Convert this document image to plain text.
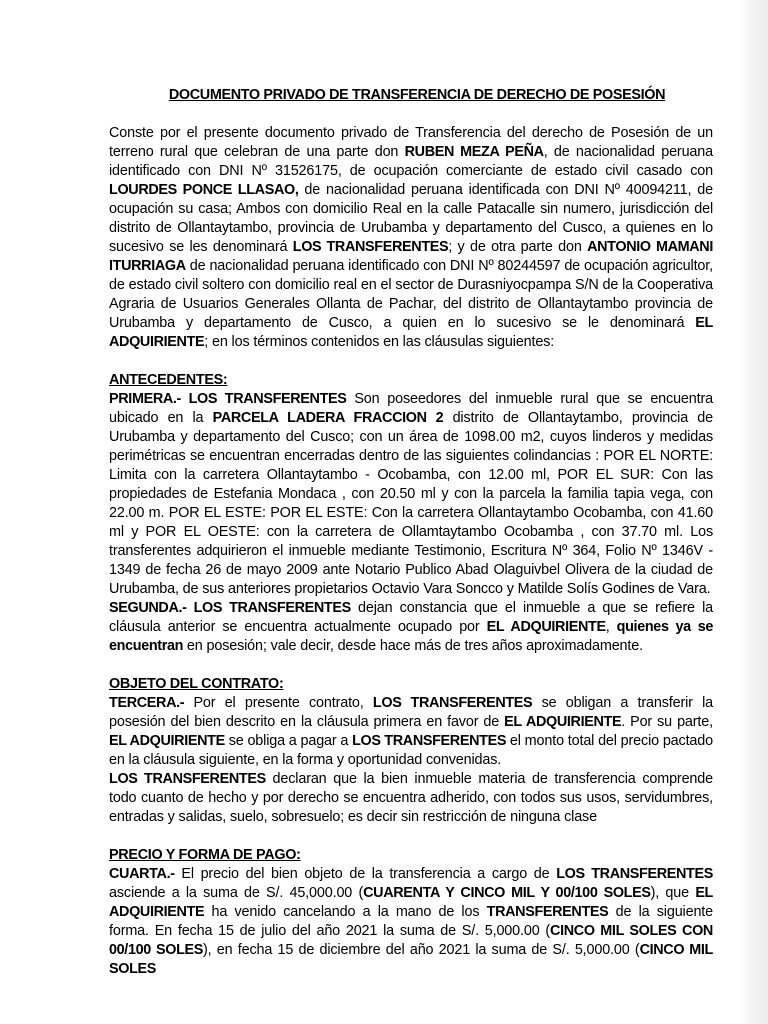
DOCUMENTO PRIVADO DE TRANSFERENCIA DE DERECHO DE POSESIÓN

Conste por el presente documento privado de Transferencia del derecho de Posesión de un terreno rural que celebran de una parte don RUBEN MEZA PEÑA, de nacionalidad peruana identificado con DNI Nº 31526175, de ocupación comerciante de estado civil casado con LOURDES PONCE LLASAO, de nacionalidad peruana identificada con DNI Nº 40094211, de ocupación su casa; Ambos con domicilio Real en la calle Patacalle sin numero, jurisdicción del distrito de Ollantaytambo, provincia de Urubamba y departamento del Cusco, a quienes en lo sucesivo se les denominará LOS TRANSFERENTES; y de otra parte don ANTONIO MAMANI ITURRIAGA de nacionalidad peruana identificado con DNI Nº 80244597 de ocupación agricultor, de estado civil soltero con domicilio real en el sector de Durasniyocpampa S/N de la Cooperativa Agraria de Usuarios Generales Ollanta de Pachar, del distrito de Ollantaytambo provincia de Urubamba y departamento de Cusco, a quien en lo sucesivo se le denominará EL ADQUIRIENTE; en los términos contenidos en las cláusulas siguientes:

ANTECEDENTES:

PRIMERA.- LOS TRANSFERENTES Son poseedores del inmueble rural que se encuentra ubicado en la PARCELA LADERA FRACCION 2 distrito de Ollantaytambo, provincia de Urubamba y departamento del Cusco; con un área de 1098.00 m2, cuyos linderos y medidas perimétricas se encuentran encerradas dentro de las siguientes colindancias : POR EL NORTE: Limita con la carretera Ollantaytambo - Ocobamba, con 12.00 ml, POR EL SUR: Con las propiedades de Estefania Mondaca , con 20.50 ml y con la parcela la familia tapia vega, con 22.00 m. POR EL ESTE: POR EL ESTE: Con la carretera Ollantaytambo Ocobamba, con 41.60 ml y POR EL OESTE: con la carretera de Ollamtaytambo Ocobamba , con 37.70 ml. Los transferentes adquirieron el inmueble mediante Testimonio, Escritura Nº 364, Folio Nº 1346V - 1349 de fecha 26 de mayo 2009 ante Notario Publico Abad Olaguivbel Olivera de la ciudad de Urubamba, de sus anteriores propietarios Octavio Vara Soncco y Matilde Solís Godines de Vara.

SEGUNDA.- LOS TRANSFERENTES dejan constancia que el inmueble a que se refiere la cláusula anterior se encuentra actualmente ocupado por EL ADQUIRIENTE, quienes ya se encuentran en posesión; vale decir, desde hace más de tres años aproximadamente.

OBJETO DEL CONTRATO:

TERCERA.- Por el presente contrato, LOS TRANSFERENTES se obligan a transferir la posesión del bien descrito en la cláusula primera en favor de EL ADQUIRIENTE. Por su parte, EL ADQUIRIENTE se obliga a pagar a LOS TRANSFERENTES el monto total del precio pactado en la cláusula siguiente, en la forma y oportunidad convenidas.

LOS TRANSFERENTES declaran que la bien inmueble materia de transferencia comprende todo cuanto de hecho y por derecho se encuentra adherido, con todos sus usos, servidumbres, entradas y salidas, suelo, sobresuelo; es decir sin restricción de ninguna clase

PRECIO Y FORMA DE PAGO:

CUARTA.- El precio del bien objeto de la transferencia a cargo de LOS TRANSFERENTES asciende a la suma de S/. 45,000.00 (CUARENTA Y CINCO MIL Y 00/100 SOLES), que EL ADQUIRIENTE ha venido cancelando a la mano de los TRANSFERENTES de la siguiente forma. En fecha 15 de julio del año 2021 la suma de S/. 5,000.00 (CINCO MIL SOLES CON 00/100 SOLES), en fecha 15 de diciembre del año 2021 la suma de S/. 5,000.00 (CINCO MIL SOLES
